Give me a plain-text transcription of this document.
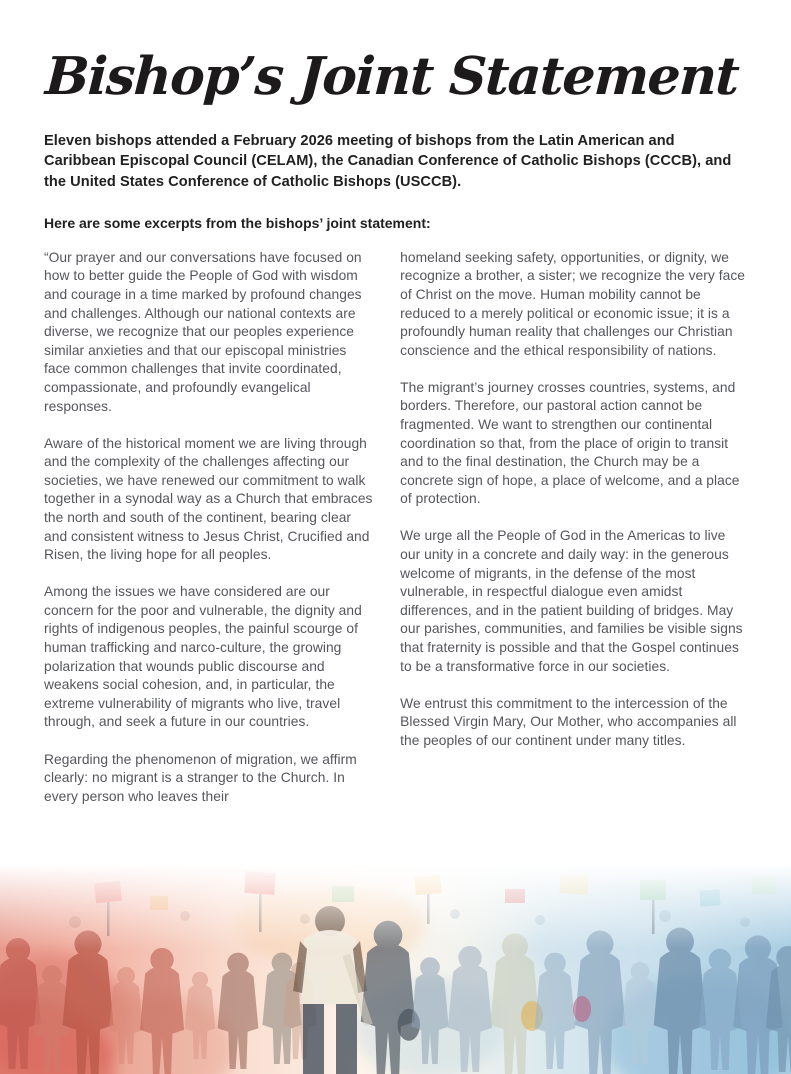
Bishop’s Joint Statement
Eleven bishops attended a February 2026 meeting of bishops from the Latin American and Caribbean Episcopal Council (CELAM), the Canadian Conference of Catholic Bishops (CCCB), and the United States Conference of Catholic Bishops (USCCB).
Here are some excerpts from the bishops’ joint statement:

“Our prayer and our conversations have focused on how to better guide the People of God with wisdom and courage in a time marked by profound changes and challenges. Although our national contexts are diverse, we recognize that our peoples experience similar anxieties and that our episcopal ministries face common challenges that invite coordinated, compassionate, and profoundly evangelical responses.

Aware of the historical moment we are living through and the complexity of the challenges affecting our societies, we have renewed our commitment to walk together in a synodal way as a Church that embraces the north and south of the continent, bearing clear and consistent witness to Jesus Christ, Crucified and Risen, the living hope for all peoples.

Among the issues we have considered are our concern for the poor and vulnerable, the dignity and rights of indigenous peoples, the painful scourge of human trafficking and narco-culture, the growing polarization that wounds public discourse and weakens social cohesion, and, in particular, the extreme vulnerability of migrants who live, travel through, and seek a future in our countries.

Regarding the phenomenon of migration, we affirm clearly: no migrant is a stranger to the Church. In every person who leaves their

homeland seeking safety, opportunities, or dignity, we recognize a brother, a sister; we recognize the very face of Christ on the move. Human mobility cannot be reduced to a merely political or economic issue; it is a profoundly human reality that challenges our Christian conscience and the ethical responsibility of nations.

The migrant’s journey crosses countries, systems, and borders. Therefore, our pastoral action cannot be fragmented. We want to strengthen our continental coordination so that, from the place of origin to transit and to the final destination, the Church may be a concrete sign of hope, a place of welcome, and a place of protection.

We urge all the People of God in the Americas to live our unity in a concrete and daily way: in the generous welcome of migrants, in the defense of the most vulnerable, in respectful dialogue even amidst differences, and in the patient building of bridges. May our parishes, communities, and families be visible signs that fraternity is possible and that the Gospel continues to be a transformative force in our societies.

We entrust this commitment to the intercession of the Blessed Virgin Mary, Our Mother, who accompanies all the peoples of our continent under many titles.
